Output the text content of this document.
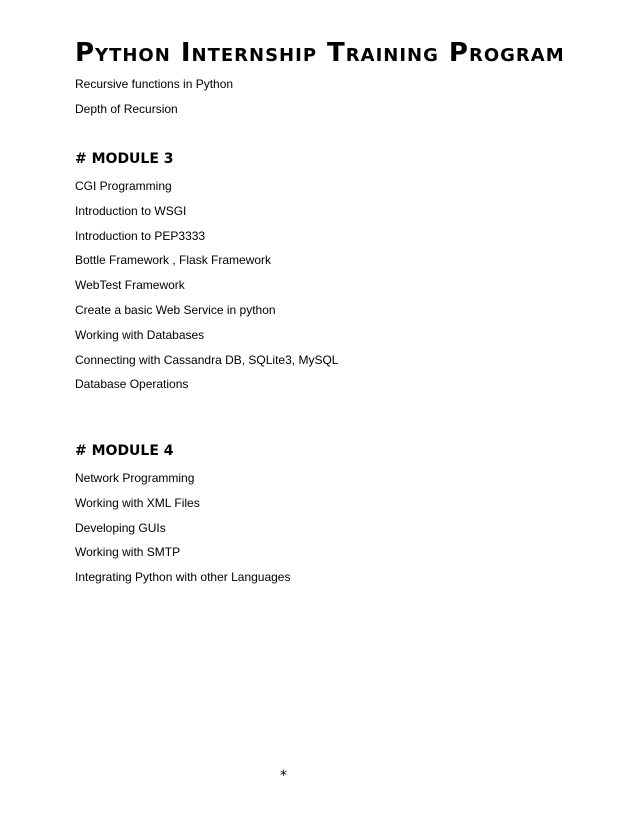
Python Internship Training Program

Recursive functions in Python

Depth of Recursion

# MODULE 3

CGI Programming

Introduction to WSGI

Introduction to PEP3333

Bottle Framework , Flask Framework

WebTest Framework

Create a basic Web Service in python

Working with Databases

Connecting with Cassandra DB, SQLite3, MySQL

Database Operations

# MODULE 4

Network Programming

Working with XML Files

Developing GUIs

Working with SMTP

Integrating Python with other Languages

*
